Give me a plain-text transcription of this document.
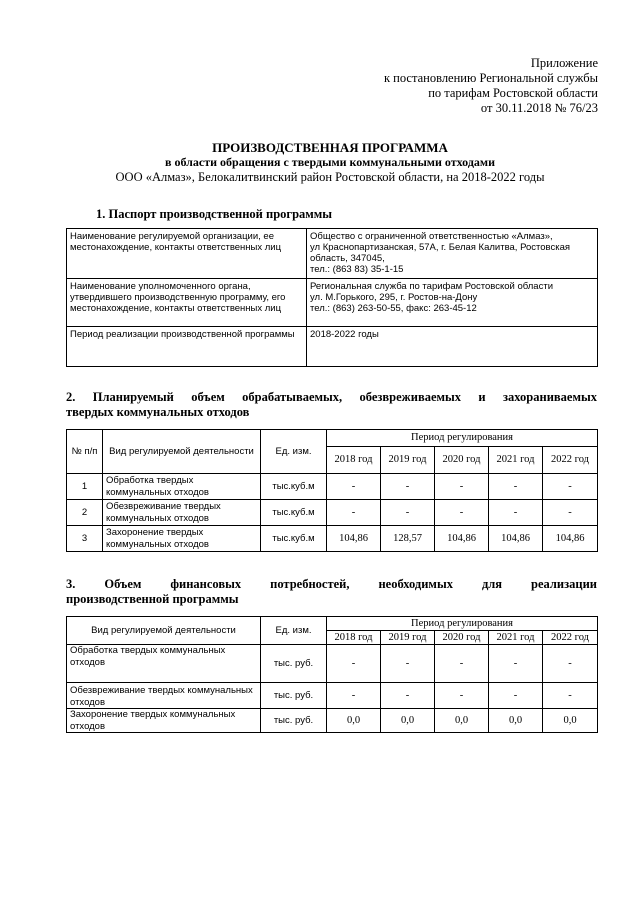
Приложение
к постановлению Региональной службы
по тарифам Ростовской области
от 30.11.2018 № 76/23
ПРОИЗВОДСТВЕННАЯ ПРОГРАММА
в области обращения с твердыми коммунальными отходами
ООО «Алмаз», Белокалитвинский район Ростовской области, на 2018-2022 годы
1. Паспорт производственной программы
Наименование регулируемой организации, ее местонахождение, контакты ответственных лиц	Общество с ограниченной ответственностью «Алмаз»,
ул Краснопартизанская, 57А, г. Белая Калитва, Ростовская область, 347045,
тел.: (863 83) 35-1-15

Наименование уполномоченного органа, утвердившего производственную программу, его местонахождение, контакты ответственных лиц	Региональная служба по тарифам Ростовской области
ул. М.Горького, 295, г. Ростов-на-Дону
тел.: (863) 263-50-55, факс: 263-45-12

Период реализации производственной программы	2018-2022 годы
2. Планируемый объем обрабатываемых, обезвреживаемых и захораниваемых
твердых коммунальных отходов
№ п/п	Вид регулируемой деятельности	Ед. изм.	Период регулирования				
			2018 год	2019 год	2020 год	2021 год	2022 год
1	Обработка твердых коммунальных отходов	тыс.куб.м	-	-	-	-	-
2	Обезвреживание твердых коммунальных отходов	тыс.куб.м	-	-	-	-	-
3	Захоронение твердых коммунальных отходов	тыс.куб.м	104,86	128,57	104,86	104,86	104,86
3. Объем финансовых потребностей, необходимых для реализации
производственной программы
Вид регулируемой деятельности	Ед. изм.	Период регулирования				
		2018 год	2019 год	2020 год	2021 год	2022 год
Обработка твердых коммунальных отходов	тыс. руб.	-	-	-	-	-
Обезвреживание твердых коммунальных отходов	тыс. руб.	-	-	-	-	-
Захоронение твердых коммунальных отходов	тыс. руб.	0,0	0,0	0,0	0,0	0,0
